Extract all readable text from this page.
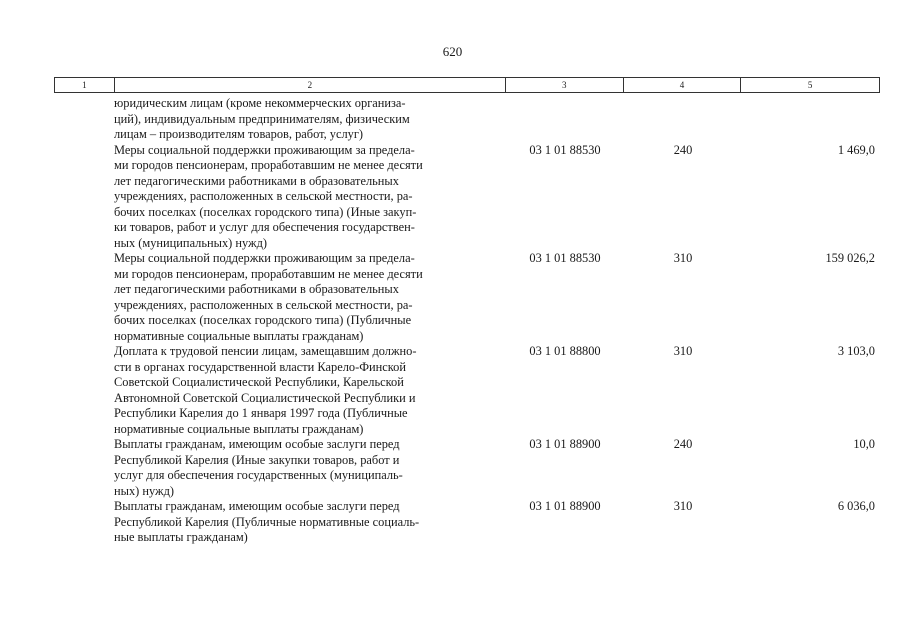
620
1	2	3	4	5
юридическим лицам (кроме некоммерческих организа-
ций), индивидуальным предпринимателям, физическим
лицам – производителям товаров, работ, услуг)
Меры социальной поддержки проживающим за предела-
ми городов пенсионерам, проработавшим не менее десяти
лет педагогическими работниками в образовательных
учреждениях, расположенных в сельской местности, ра-
бочих поселках (поселках городского типа) (Иные закуп-
ки товаров, работ и услуг для обеспечения государствен-
ных (муниципальных) нужд)
03 1 01 88530	240	1 469,0
Меры социальной поддержки проживающим за предела-
ми городов пенсионерам, проработавшим не менее десяти
лет педагогическими работниками в образовательных
учреждениях, расположенных в сельской местности, ра-
бочих поселках (поселках городского типа) (Публичные
нормативные социальные выплаты гражданам)
03 1 01 88530	310	159 026,2
Доплата к трудовой пенсии лицам, замещавшим должно-
сти в органах государственной власти Карело-Финской
Советской Социалистической Республики, Карельской
Автономной Советской Социалистической Республики и
Республики Карелия до 1 января 1997 года (Публичные
нормативные социальные выплаты гражданам)
03 1 01 88800	310	3 103,0
Выплаты гражданам, имеющим особые заслуги перед
Республикой Карелия (Иные закупки товаров, работ и
услуг для обеспечения государственных (муниципаль-
ных) нужд)
03 1 01 88900	240	10,0
Выплаты гражданам, имеющим особые заслуги перед
Республикой Карелия (Публичные нормативные социаль-
ные выплаты гражданам)
03 1 01 88900	310	6 036,0
